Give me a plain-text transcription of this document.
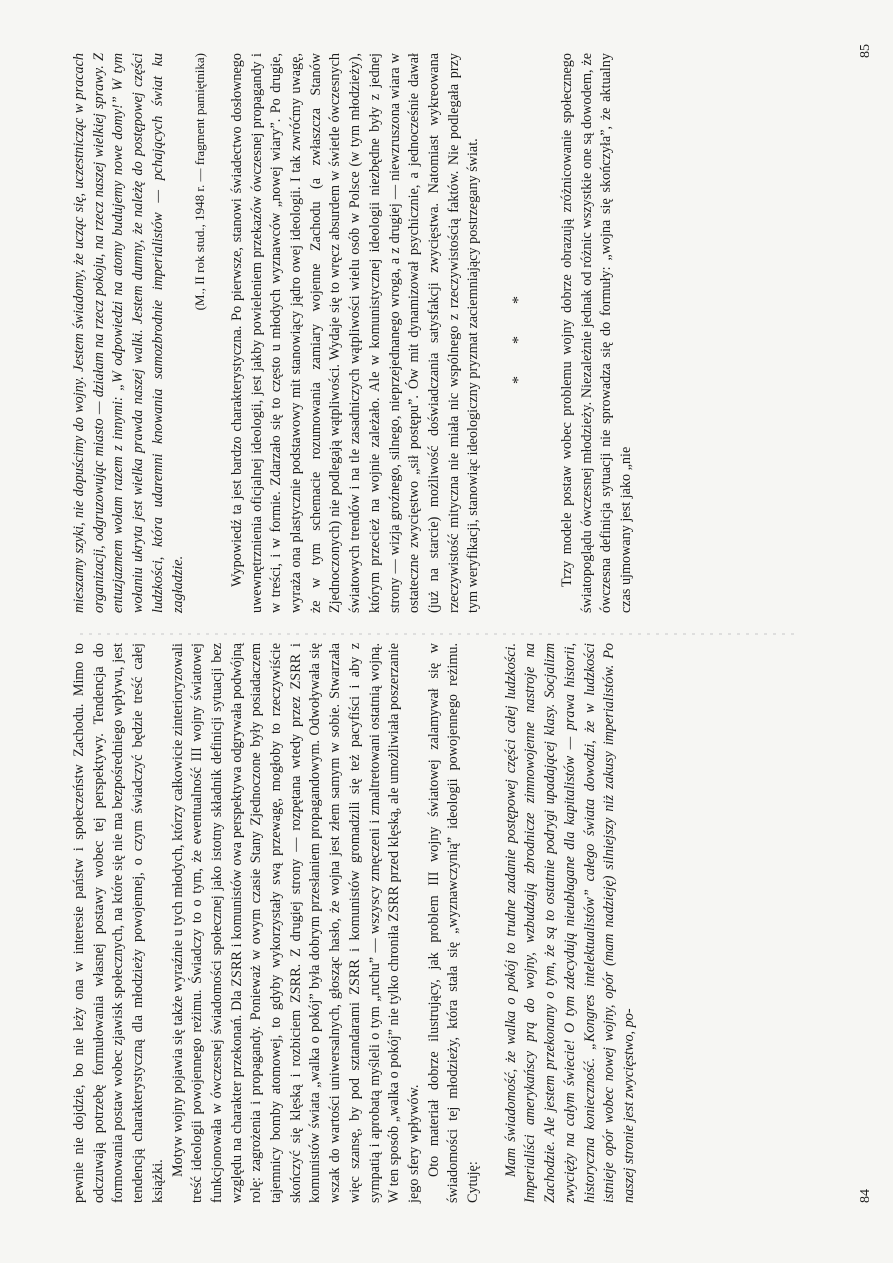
pewnie nie dojdzie, bo nie leży ona w interesie państw i społeczeństw Zachodu. Mimo to odczuwają potrzebę formułowania własnej postawy wobec tej perspektywy. Tendencja do formowania postaw wobec zjawisk społecznych, na które się nie ma bezpośredniego wpływu, jest tendencją charakterystyczną dla młodzieży powojennej, o czym świadczyć będzie treść całej książki.

Motyw wojny pojawia się także wyraźnie u tych młodych, którzy całkowicie zinterioryzowali treść ideologii powojennego reżimu. Świadczy to o tym, że ewentualność III wojny światowej funkcjonowała w ówczesnej świadomości społecznej jako istotny składnik definicji sytuacji bez względu na charakter przekonań. Dla ZSRR i komunistów owa perspektywa odgrywała podwójną rolę: zagrożenia i propagandy. Ponieważ w owym czasie Stany Zjednoczone były posiadaczem tajemnicy bomby atomowej, to gdyby wykorzystały swą przewagę, mogłoby to rzeczywiście skończyć się klęską i rozbiciem ZSRR. Z drugiej strony — rozpętana wtedy przez ZSRR i komunistów świata „walka o pokój” była dobrym przesłaniem propagandowym. Odwoływała się wszak do wartości uniwersalnych, głosząc hasło, że wojna jest złem samym w sobie. Stwarzała więc szansę, by pod sztandarami ZSRR i komunistów gromadzili się też pacyfiści i aby z sympatią i aprobatą myśleli o tym „ruchu” — wszyscy zmęczeni i zmaltretowani ostatnią wojną. W ten sposób „walka o pokój” nie tylko chroniła ZSRR przed klęską, ale umożliwiała poszerzanie jego sfery wpływów. Oto materiał dobrze ilustrujący, jak problem III wojny światowej zalamywał się w świadomości tej młodzieży, która stała się „wyznawczynią” ideologii powojennego reżimu. Cytuję:

Mam świadomość, że walka o pokój to trudne zadanie postępowej części całej ludzkości. Imperialiści amerykańscy prą do wojny, wzbudzają zbrodnicze zimnowojenne nastroje na Zachodzie. Ale jestem przekonany o tym, że są to ostatnie podrygi upadającej klasy. Socjalizm zwycięży na całym świecie! O tym zdecydują nieubłagane dla kapitalistów — prawa historii, historyczna konieczność. „Kongres intelektualistów” całego świata dowodzi, że w ludzkości istnieje opór wobec nowej wojny, opór (mam nadzieję) silniejszy niż zakusy imperialistów. Po naszej stronie jest zwycięstwo, po-

mieszamy szyki, nie dopuścimy do wojny. Jestem świadomy, że ucząc się, uczestnicząc w pracach organizacji, odgruzowując miasto — działam na rzecz pokoju, na rzecz naszej wielkiej sprawy. Z entuzjazmem wołam razem z innymi: „W odpowiedzi na atomy budujemy nowe domy!” W tym wołaniu ukryta jest wielka prawda naszej walki. Jestem dumny, że należę do postępowej części ludzkości, która udaremni knowania samozbrodnie imperialistów — pchających świat ku zagładzie.

(M., II rok stud., 1948 r. — fragment pamiętnika) Wypowiedź ta jest bardzo charakterystyczna. Po pierwsze, stanowi świadectwo dosłownego uwewnętrznienia oficjalnej ideologii, jest jakby powieleniem przekazów ówczesnej propagandy i w treści, i w formie. Zdarzało się to często u młodych wyznawców „nowej wiary”. Po drugie, wyraża ona plastycznie podstawowy mit stanowiący jądro owej ideologii. I tak zwróćmy uwagę, że w tym schemacie rozumowania zamiary wojenne Zachodu (a zwłaszcza Stanów Zjednoczonych) nie podlegają wątpliwości. Wydaje się to wręcz absurdem w świetle ówczesnych światowych trendów i na tle zasadniczych wątpliwości wielu osób w Polsce (w tym młodzieży), którym przecież na wojnie zależało. Ale w komunistycznej ideologii niezbędne były z jednej strony — wizja groźnego, silnego, nieprzejednanego wroga, a z drugiej — niewzruszona wiara w ostateczne zwycięstwo „sił postępu”. Ów mit dynamizował psychicznie, a jednocześnie dawał (już na starcie) możliwość doświadczania satysfakcji zwycięstwa. Natomiast wykreowana rzeczywistość mityczna nie miała nic wspólnego z rzeczywistością faktów. Nie podlegała przy tym weryfikacji, stanowiąc ideologiczny pryzmat zaciemniający postrzegany świat. * * * Trzy modele postaw wobec problemu wojny dobrze obrazują zróżnicowanie społecznego światopoglądu ówczesnej młodzieży. Niezależnie jednak od różnic wszystkie one są dowodem, że ówczesna definicja sytuacji nie sprowadza się do formuły: „wojna się skończyła”, że aktualny czas ujmowany jest jako „nie

84
85
